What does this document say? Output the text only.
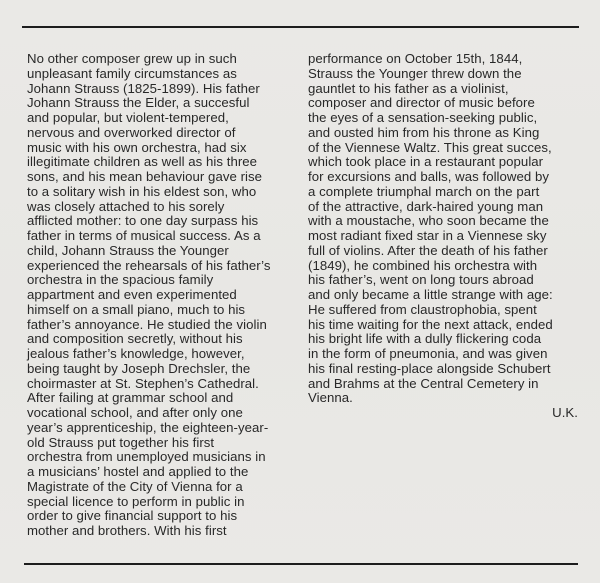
No other composer grew up in such
unpleasant family circumstances as
Johann Strauss (1825-1899). His father
Johann Strauss the Elder, a succesful
and popular, but violent-tempered,
nervous and overworked director of
music with his own orchestra, had six
illegitimate children as well as his three
sons, and his mean behaviour gave rise
to a solitary wish in his eldest son, who
was closely attached to his sorely
afflicted mother: to one day surpass his
father in terms of musical success. As a
child, Johann Strauss the Younger
experienced the rehearsals of his father’s
orchestra in the spacious family
appartment and even experimented
himself on a small piano, much to his
father’s annoyance. He studied the violin
and composition secretly, without his
jealous father’s knowledge, however,
being taught by Joseph Drechsler, the
choirmaster at St. Stephen’s Cathedral.
After failing at grammar school and
vocational school, and after only one
year’s apprenticeship, the eighteen-year-
old Strauss put together his first
orchestra from unemployed musicians in
a musicians’ hostel and applied to the
Magistrate of the City of Vienna for a
special licence to perform in public in
order to give financial support to his
mother and brothers. With his first
performance on October 15th, 1844,
Strauss the Younger threw down the
gauntlet to his father as a violinist,
composer and director of music before
the eyes of a sensation-seeking public,
and ousted him from his throne as King
of the Viennese Waltz. This great succes,
which took place in a restaurant popular
for excursions and balls, was followed by
a complete triumphal march on the part
of the attractive, dark-haired young man
with a moustache, who soon became the
most radiant fixed star in a Viennese sky
full of violins. After the death of his father
(1849), he combined his orchestra with
his father’s, went on long tours abroad
and only became a little strange with age:
He suffered from claustrophobia, spent
his time waiting for the next attack, ended
his bright life with a dully flickering coda
in the form of pneumonia, and was given
his final resting-place alongside Schubert
and Brahms at the Central Cemetery in
Vienna.
U.K.
